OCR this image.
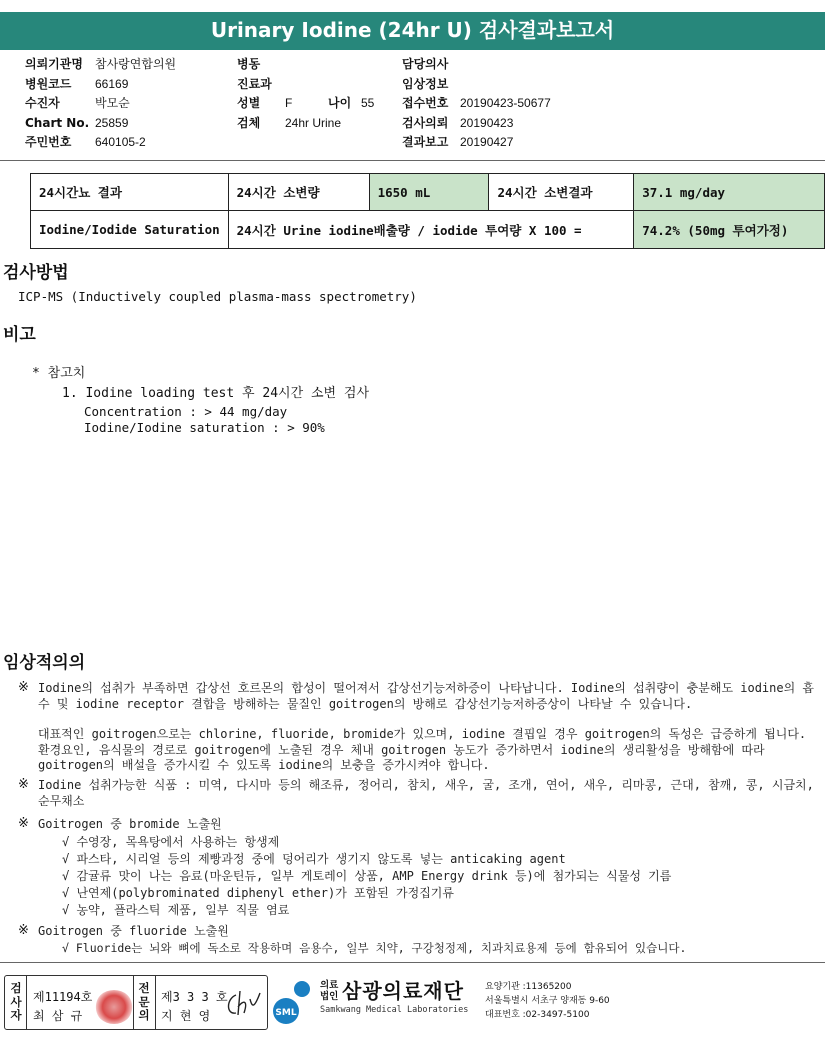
Urinary Iodine (24hr U) 검사결과보고서
의뢰기관명	참사랑연합의원
병원코드	66169
수진자	박모순
Chart No. 25859
주민번호	640105-2
병동
진료과
성별	F	나이 55
검체	24hr Urine
담당의사
임상정보
접수번호 20190423-50677
검사의뢰 20190423
결과보고 20190427
24시간뇨 결과	24시간 소변량	1650 mL	24시간 소변결과	37.1 mg/day
Iodine/Iodide Saturation	24시간 Urine iodine배출량 / iodide 투여량 X 100 =			74.2% (50mg 투여가정)
검사방법
ICP-MS (Inductively coupled plasma-mass spectrometry)
비고
* 참고치
1. Iodine loading test 후 24시간 소변 검사
Concentration : > 44 mg/day
Iodine/Iodine saturation : > 90%
임상적의의
※ Iodine의 섭취가 부족하면 갑상선 호르몬의 합성이 떨어져서 갑상선기능저하증이 나타납니다. Iodine의 섭취량이 충분해도 iodine의 흡수 및 iodine receptor 결합을 방해하는 물질인 goitrogen의 방해로 갑상선기능저하증상이 나타날 수 있습니다.
대표적인 goitrogen으로는 chlorine, fluoride, bromide가 있으며, iodine 결핍일 경우 goitrogen의 독성은 급증하게 됩니다. 환경요인, 음식물의 경로로 goitrogen에 노출된 경우 체내 goitrogen 농도가 증가하면서 iodine의 생리활성을 방해함에 따라 goitrogen의 배설을 증가시킬 수 있도록 iodine의 보충을 증가시켜야 합니다.
※ Iodine 섭취가능한 식품 : 미역, 다시마 등의 해조류, 정어리, 참치, 새우, 굴, 조개, 연어, 새우, 리마콩, 근대, 참깨, 콩, 시금치, 순무채소
※ Goitrogen 중 bromide 노출원
√ 수영장, 목욕탕에서 사용하는 항생제
√ 파스타, 시리얼 등의 제빵과정 중에 덩어리가 생기지 않도록 넣는 anticaking agent
√ 감귤류 맛이 나는 음료(마운틴듀, 일부 게토레이 상품, AMP Energy drink 등)에 첨가되는 식물성 기름
√ 난연제(polybrominated diphenyl ether)가 포함된 가정집기류
√ 농약, 플라스틱 제품, 일부 직물 염료
※ Goitrogen 중 fluoride 노출원
√ Fluoride는 뇌와 뼈에 독소로 작용하며 음용수, 일부 치약, 구강청정제, 치과치료용제 등에 함유되어 있습니다.
검
사
자
제11194호
최 삼 규
전
문
의
제3 3 3 호
지 현 영	SML
의료
법인 삼광의료재단
Samkwang Medical Laboratories
요양기관 :11365200
서울특별시 서초구 양재동 9-60
대표번호 :02-3497-5100
